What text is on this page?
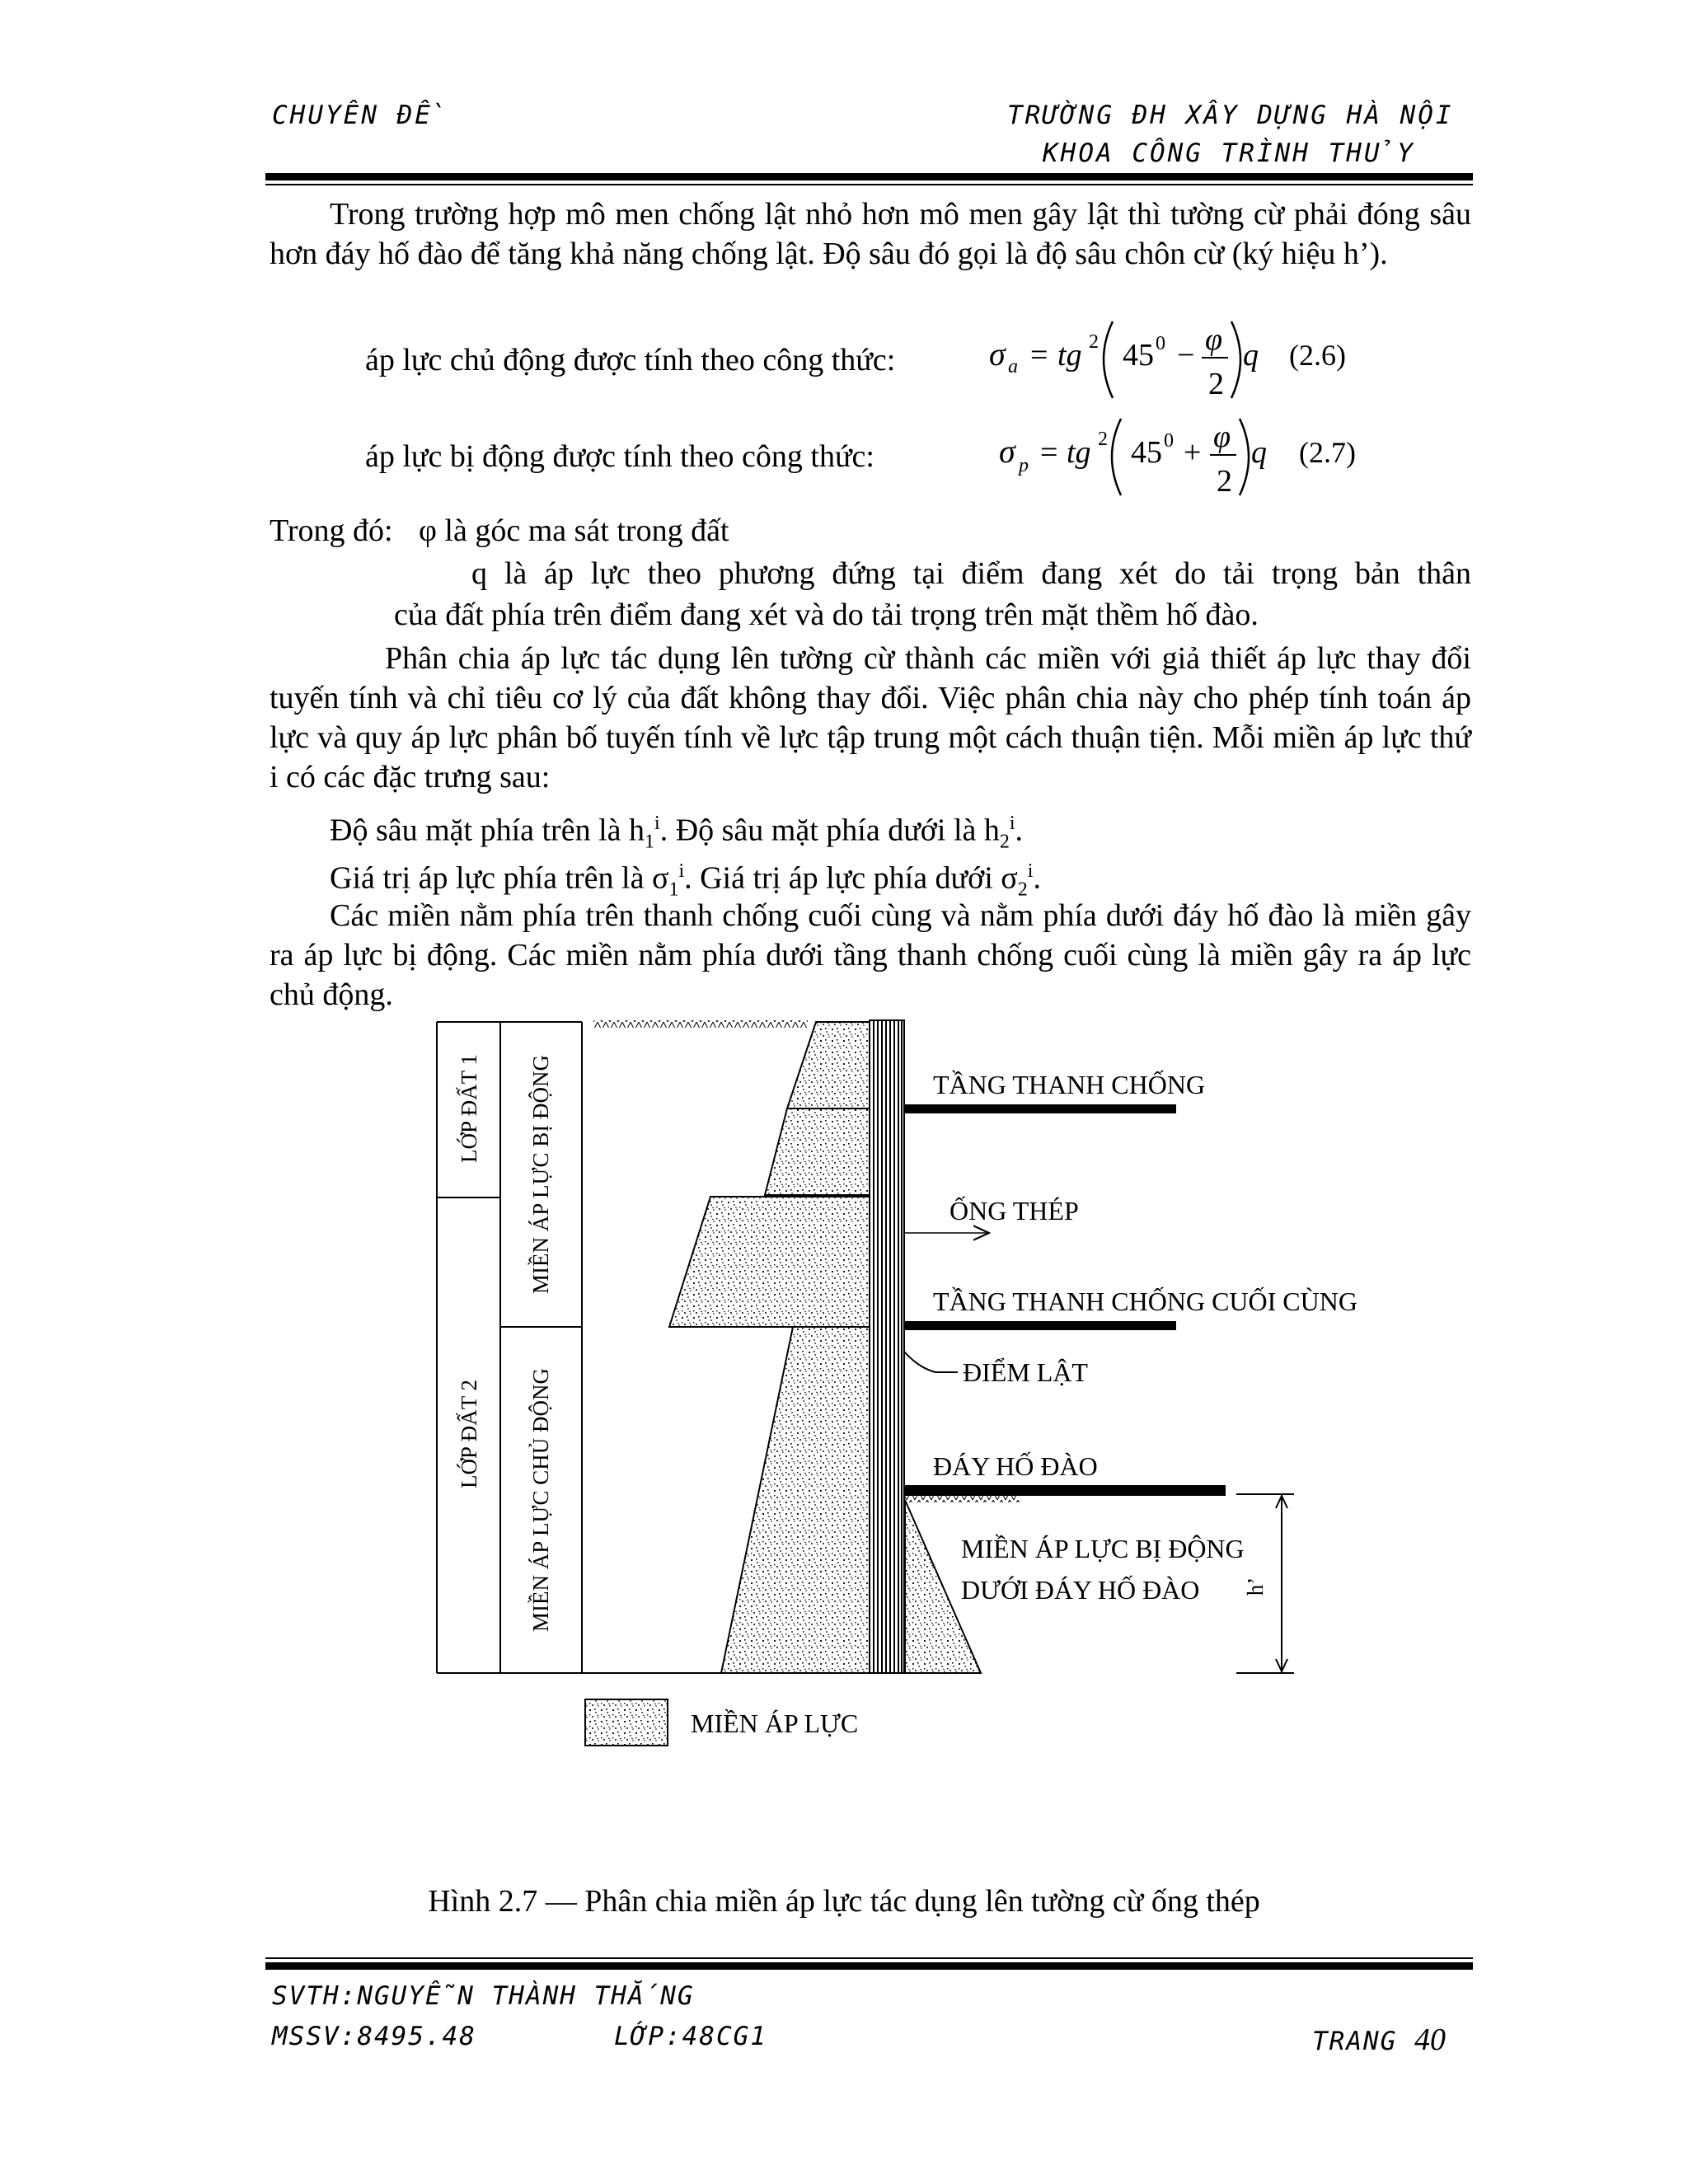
CHUYÊN ĐỀ	TRƯỜNG ĐH XÂY DỰNG HÀ NỘI
KHOA CÔNG TRÌNH THỦY
Trong trường hợp mô men chống lật nhỏ hơn mô men gây lật thì tường cừ phải đóng sâu hơn đáy hố đào để tăng khả năng chống lật. Độ sâu đó gọi là độ sâu chôn cừ (ký hiệu h’).
áp lực chủ động được tính theo công thức:	σ a = tg 2 45 0 − φ
2
q (2.6)
áp lực bị động được tính theo công thức:	σ p = tg 2 45 0 + φ
2
q (2.7)
Trong đó: φ là góc ma sát trong đất
q là áp lực theo phương đứng tại điểm đang xét do tải trọng bản thân
của đất phía trên điểm đang xét và do tải trọng trên mặt thềm hố đào.
Phân chia áp lực tác dụng lên tường cừ thành các miền với giả thiết áp lực thay đổi tuyến tính và chỉ tiêu cơ lý của đất không thay đổi. Việc phân chia này cho phép tính toán áp lực và quy áp lực phân bố tuyến tính về lực tập trung một cách thuận tiện. Mỗi miền áp lực thứ i có các đặc trưng sau:
Độ sâu mặt phía trên là $h_1^i$. Độ sâu mặt phía dưới là $h_2^i$.
Giá trị áp lực phía trên là $\sigma_1^i$. Giá trị áp lực phía dưới $\sigma_2^i$.
Các miền nằm phía trên thanh chống cuối cùng và nằm phía dưới đáy hố đào là miền gây ra áp lực bị động. Các miền nằm phía dưới tầng thanh chống cuối cùng là miền gây ra áp lực chủ động.
LỚP ĐẤT 1
LỚP ĐẤT 2
MIỀN ÁP LỰC BỊ ĐỘNG
MIỀN ÁP LỰC CHỦ ĐỘNG
TẦNG THANH CHỐNG
ỐNG THÉP
TẦNG THANH CHỐNG CUỐI CÙNG
ĐIỂM LẬT
ĐÁY HỐ ĐÀO
MIỀN ÁP LỰC BỊ ĐỘNG
DƯỚI ĐÁY HỐ ĐÀO h’
MIỀN ÁP LỰC
Hình 2.7 — Phân chia miền áp lực tác dụng lên tường cừ ống thép
SVTH:NGUYỄN THÀNH THẮNG
MSSV:8495.48	LỚP:48CG1	TRANG 40
